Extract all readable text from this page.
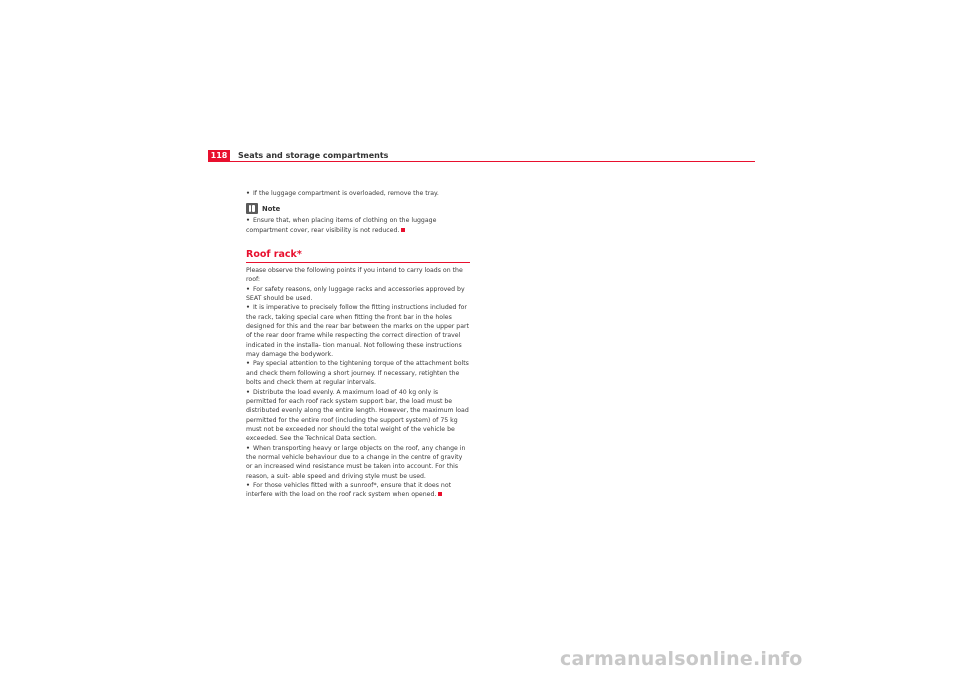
118	Seats and storage compartments

• If the luggage compartment is overloaded, remove the tray.

Note

• Ensure that, when placing items of clothing on the luggage compartment cover, rear visibility is not reduced.

Roof rack*

Please observe the following points if you intend to carry loads on the roof:

• For safety reasons, only luggage racks and accessories approved by SEAT should be used.

• It is imperative to precisely follow the fitting instructions included for the rack, taking special care when fitting the front bar in the holes designed for this and the rear bar between the marks on the upper part of the rear door frame while respecting the correct direction of travel indicated in the installa- tion manual. Not following these instructions may damage the bodywork.

• Pay special attention to the tightening torque of the attachment bolts and check them following a short journey. If necessary, retighten the bolts and check them at regular intervals.

• Distribute the load evenly. A maximum load of 40 kg only is permitted for each roof rack system support bar, the load must be distributed evenly along the entire length. However, the maximum load permitted for the entire roof (including the support system) of 75 kg must not be exceeded nor should the total weight of the vehicle be exceeded. See the Technical Data section.

• When transporting heavy or large objects on the roof, any change in the normal vehicle behaviour due to a change in the centre of gravity or an increased wind resistance must be taken into account. For this reason, a suit- able speed and driving style must be used.

• For those vehicles fitted with a sunroof*, ensure that it does not interfere with the load on the roof rack system when opened.

carmanualsonline.info
